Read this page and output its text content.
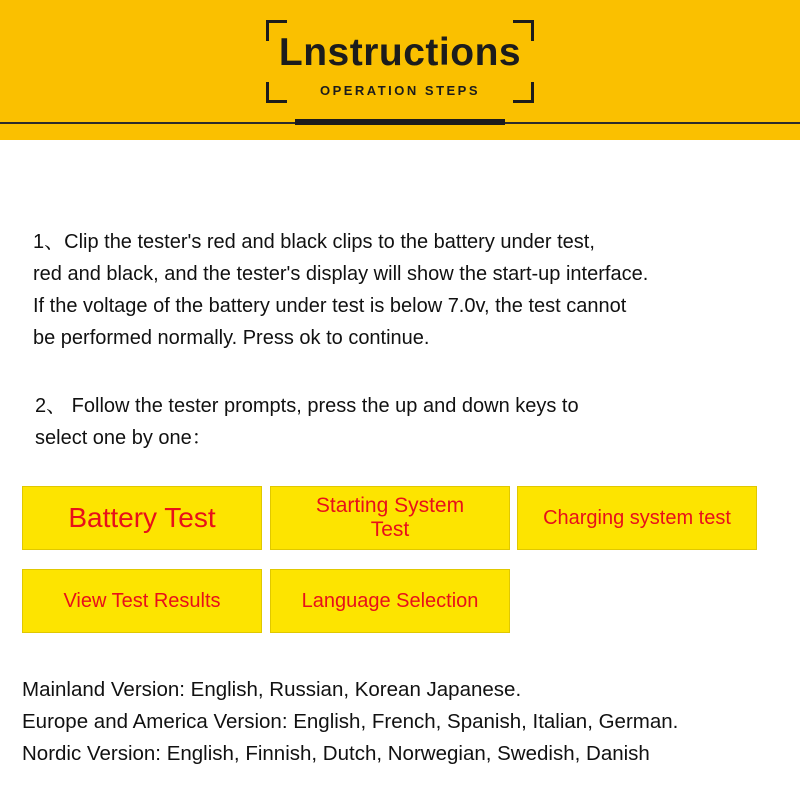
Lnstructions
OPERATION STEPS

1、Clip the tester's red and black clips to the battery under test,

red and black, and the tester's display will show the start-up interface.

If the voltage of the battery under test is below 7.0v, the test cannot

be performed normally. Press ok to continue.

2、 Follow the tester prompts, press the up and down keys to

select one by one：

Battery Test	Starting System Test
Charging system test
View Test Results	Language Selection

Mainland Version: English, Russian, Korean Japanese.

Europe and America Version: English, French, Spanish, Italian, German.

Nordic Version: English, Finnish, Dutch, Norwegian, Swedish, Danish
